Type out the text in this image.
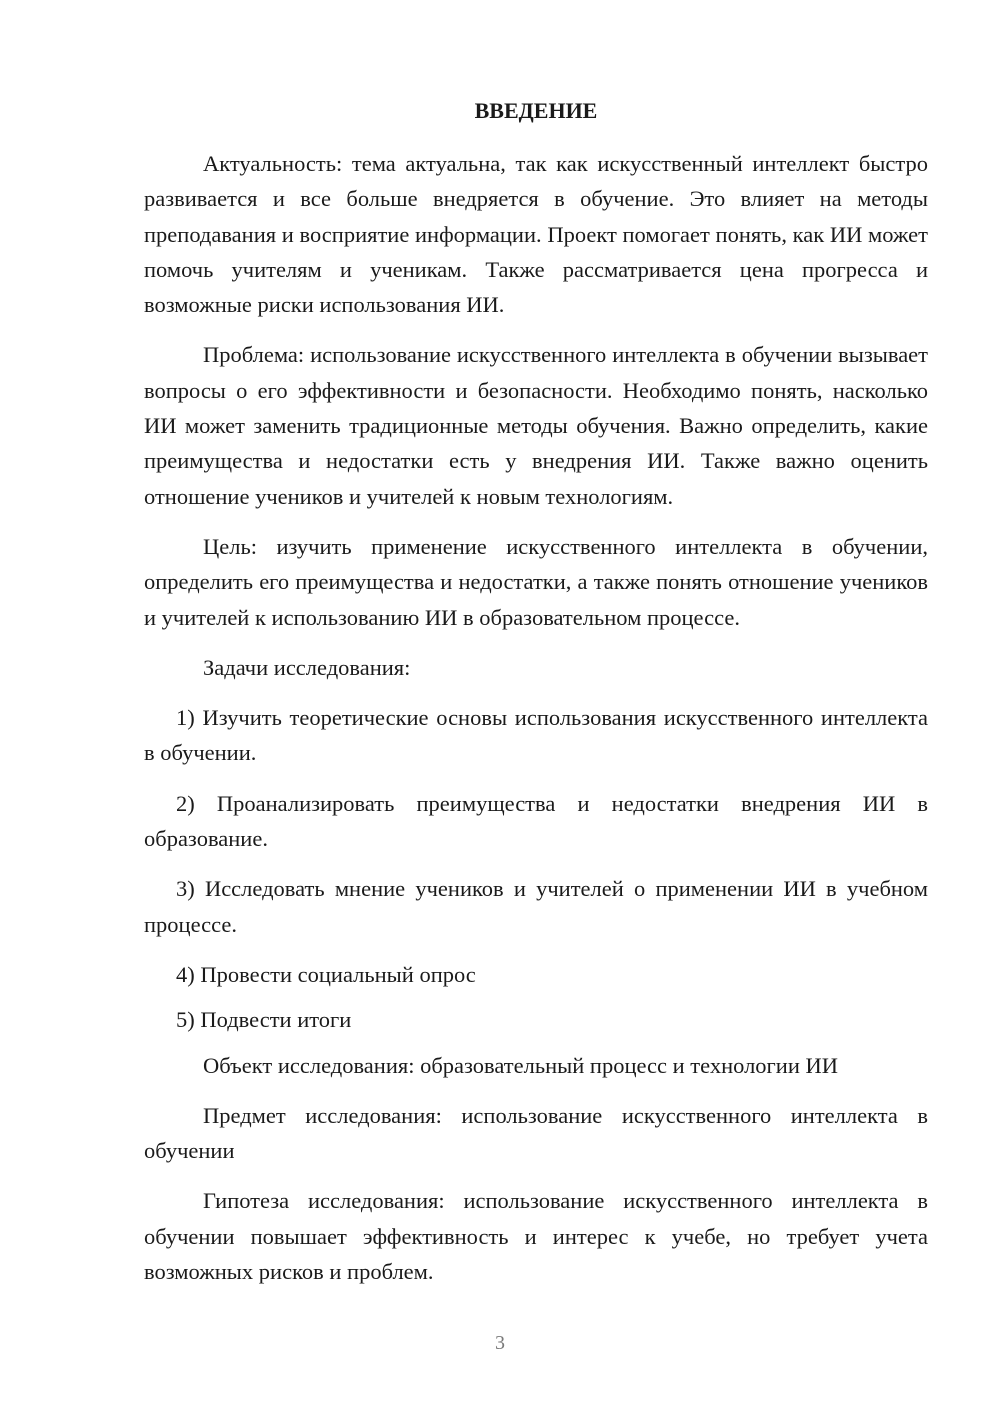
ВВЕДЕНИЕ

Актуальность: тема актуальна, так как искусственный интеллект быстро развивается и все больше внедряется в обучение. Это влияет на методы преподавания и восприятие информации. Проект помогает понять, как ИИ может помочь учителям и ученикам. Также рассматривается цена прогресса и возможные риски использования ИИ.

Проблема: использование искусственного интеллекта в обучении вызывает вопросы о его эффективности и безопасности. Необходимо понять, насколько ИИ может заменить традиционные методы обучения. Важно определить, какие преимущества и недостатки есть у внедрения ИИ. Также важно оценить отношение учеников и учителей к новым технологиям.

Цель: изучить применение искусственного интеллекта в обучении, определить его преимущества и недостатки, а также понять отношение учеников и учителей к использованию ИИ в образовательном процессе.

Задачи исследования:

1) Изучить теоретические основы использования искусственного интеллекта в обучении.

2) Проанализировать преимущества и недостатки внедрения ИИ в образование.

3) Исследовать мнение учеников и учителей о применении ИИ в учебном процессе.

4) Провести социальный опрос

5) Подвести итоги

Объект исследования: образовательный процесс и технологии ИИ

Предмет исследования: использование искусственного интеллекта в обучении

Гипотеза исследования: использование искусственного интеллекта в обучении повышает эффективность и интерес к учебе, но требует учета возможных рисков и проблем.

3
